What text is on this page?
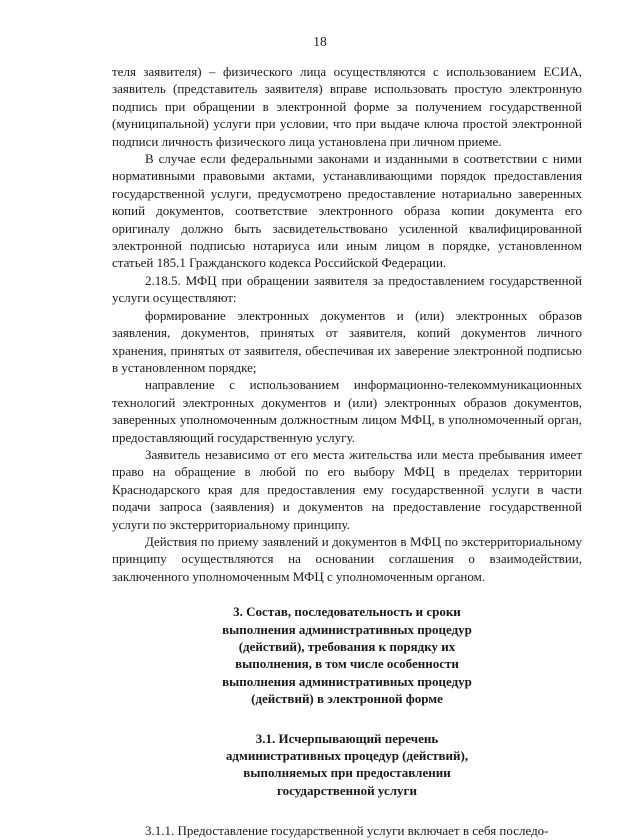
18

теля заявителя) – физического лица осуществляются с использованием ЕСИА, заявитель (представитель заявителя) вправе использовать простую электронную подпись при обращении в электронной форме за получением государственной (муниципальной) услуги при условии, что при выдаче ключа простой электронной подписи личность физического лица установлена при личном приеме.

В случае если федеральными законами и изданными в соответствии с ними нормативными правовыми актами, устанавливающими порядок предоставления государственной услуги, предусмотрено предоставление нотариально заверенных копий документов, соответствие электронного образа копии документа его оригиналу должно быть засвидетельствовано усиленной квалифицированной электронной подписью нотариуса или иным лицом в порядке, установленном статьей 185.1 Гражданского кодекса Российской Федерации.

2.18.5. МФЦ при обращении заявителя за предоставлением государственной услуги осуществляют:

формирование электронных документов и (или) электронных образов заявления, документов, принятых от заявителя, копий документов личного хранения, принятых от заявителя, обеспечивая их заверение электронной подписью в установленном порядке;

направление с использованием информационно-телекоммуникационных технологий электронных документов и (или) электронных образов документов, заверенных уполномоченным должностным лицом МФЦ, в уполномоченный орган, предоставляющий государственную услугу.

Заявитель независимо от его места жительства или места пребывания имеет право на обращение в любой по его выбору МФЦ в пределах территории Краснодарского края для предоставления ему государственной услуги в части подачи запроса (заявления) и документов на предоставление государственной услуги по экстерриториальному принципу.

Действия по приему заявлений и документов в МФЦ по экстерриториальному принципу осуществляются на основании соглашения о взаимодействии, заключенного уполномоченным МФЦ с уполномоченным органом.

3. Состав, последовательность и сроки выполнения административных процедур (действий), требования к порядку их выполнения, в том числе особенности выполнения административных процедур (действий) в электронной форме
3.1. Исчерпывающий перечень административных процедур (действий), выполняемых при предоставлении государственной услуги

3.1.1. Предоставление государственной услуги включает в себя последо-
